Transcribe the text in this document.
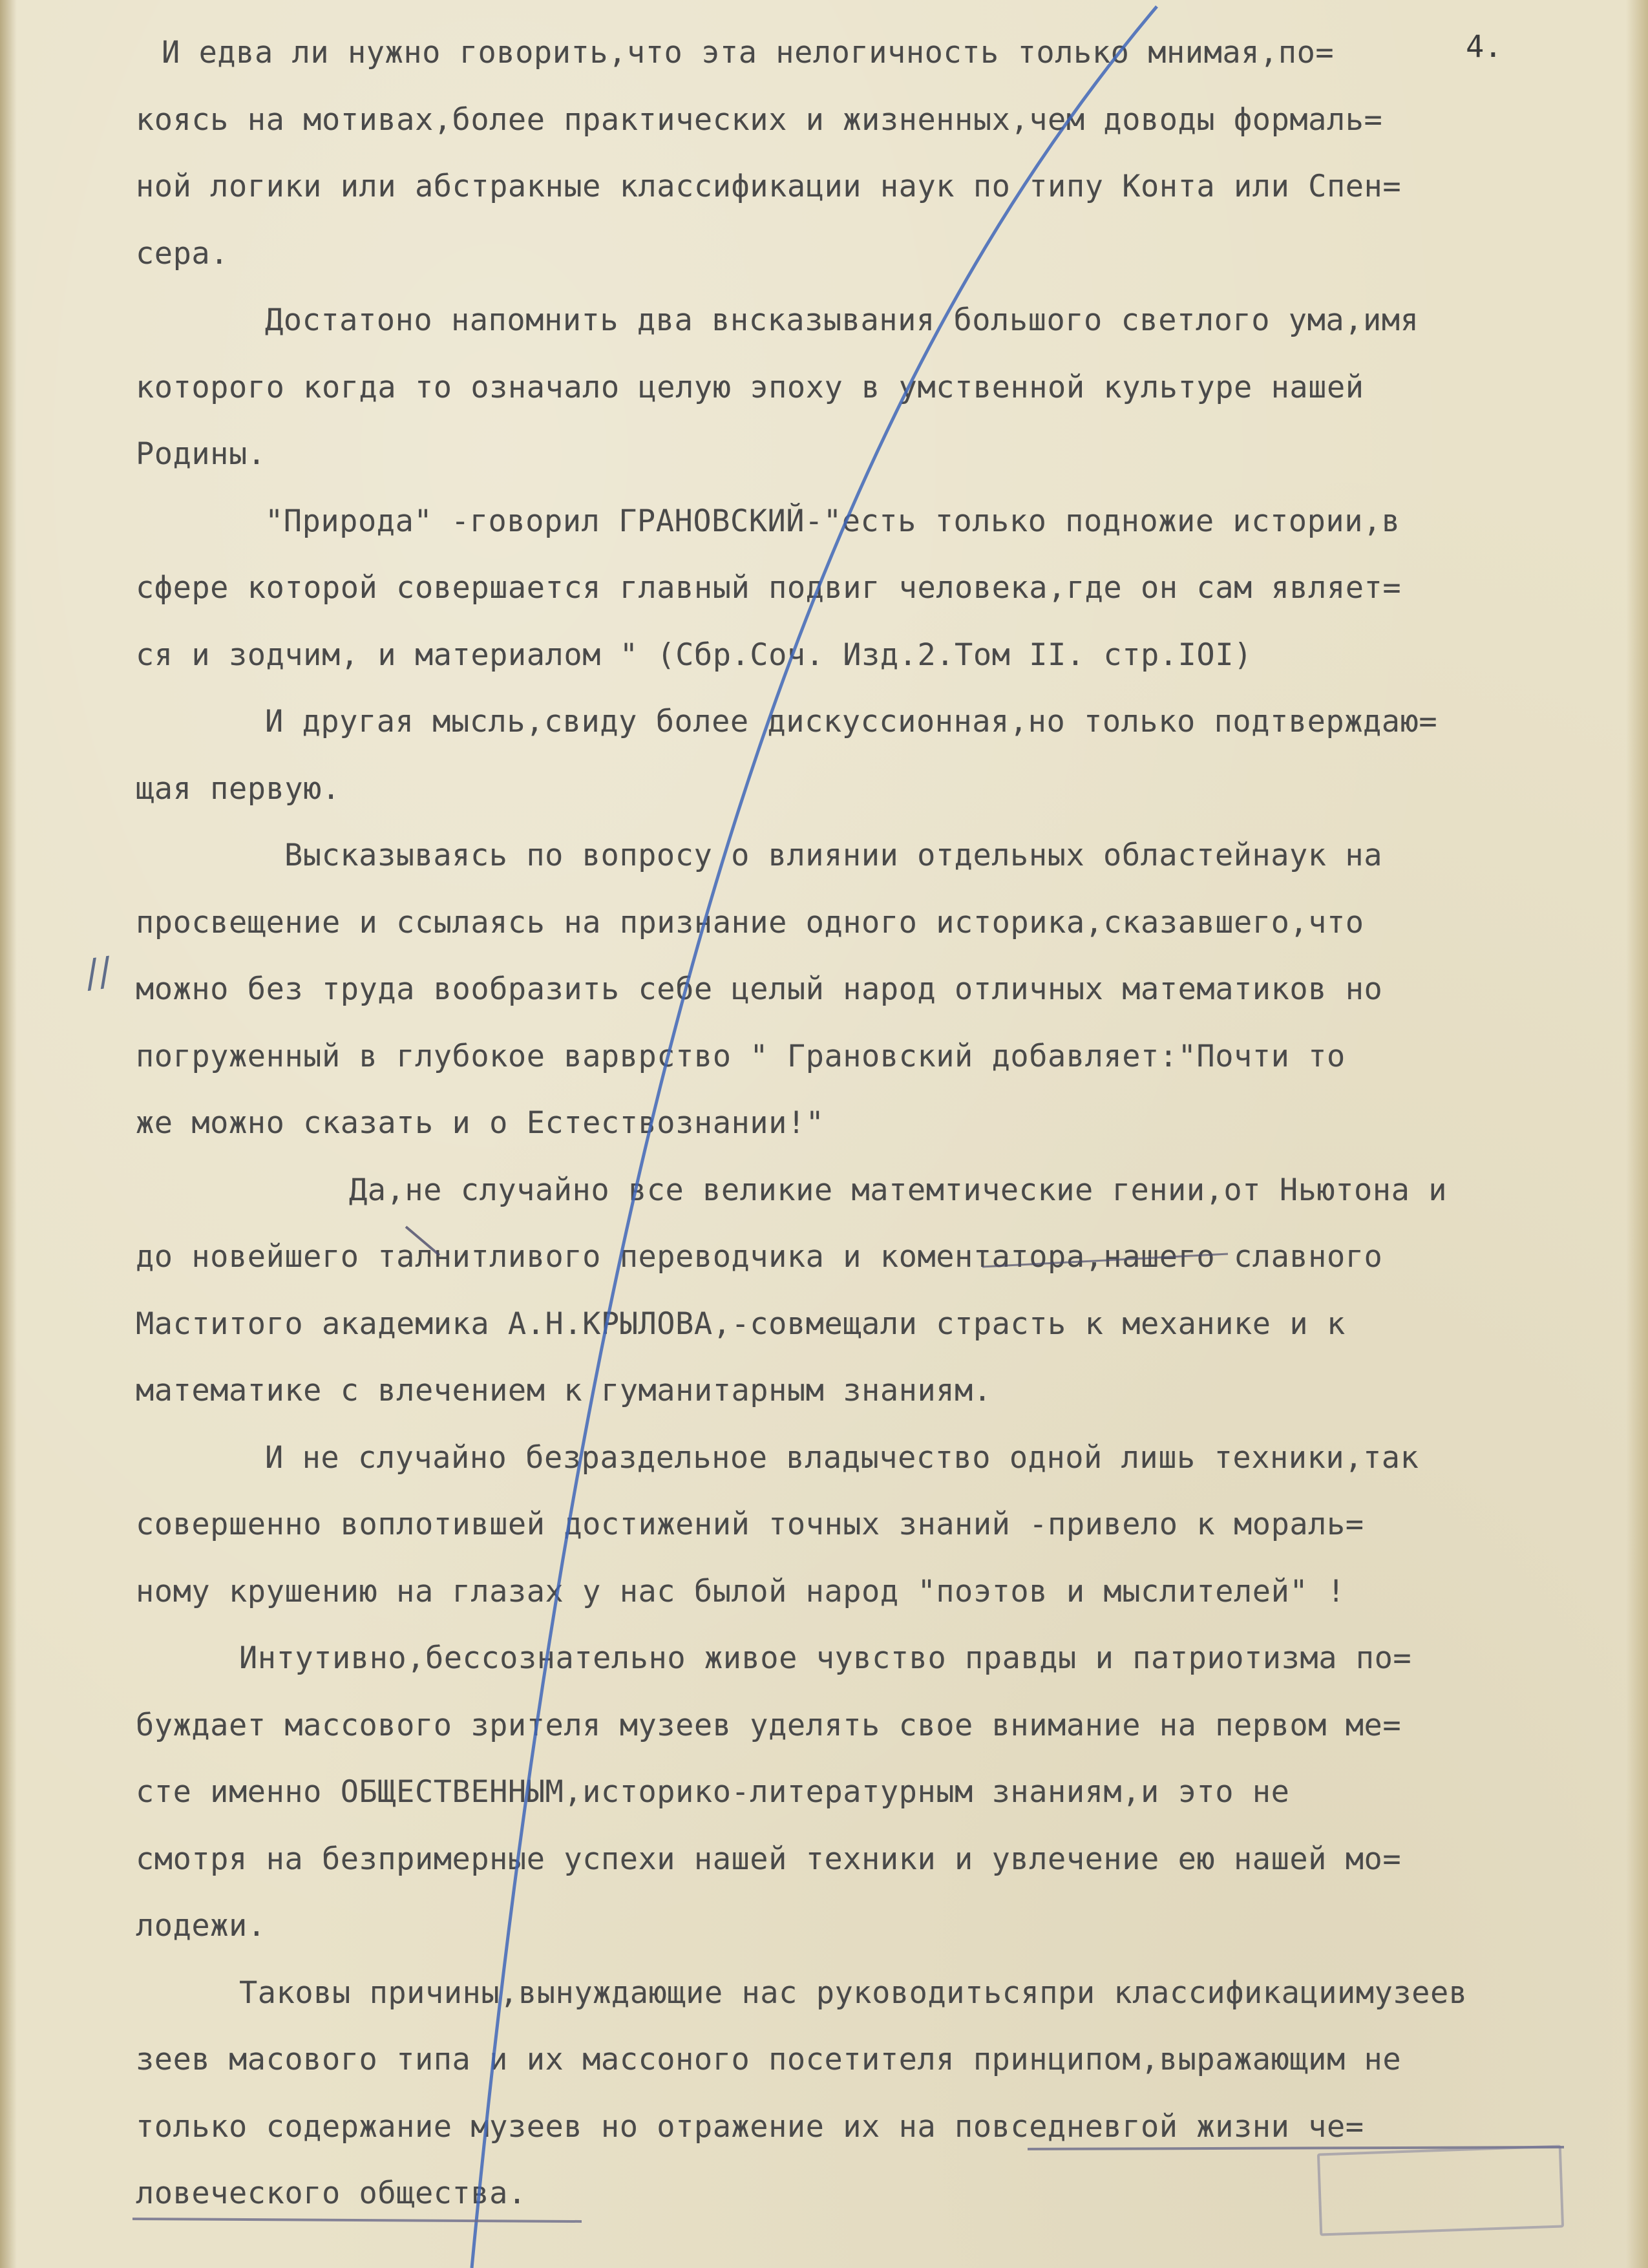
4.
//
И едва ли нужно говорить,что эта нелогичность только мнимая,по=
коясь на мотивах,более практических и жизненных,чем доводы формаль=
ной логики или абстракные классификации наук по типу Конта или Спен=
сера.
Достатоно напомнить два внсказывания большого светлого ума,имя
которого когда то означало целую эпоху в умственной культуре нашей
Родины.
"Природа" -говорил ГРАНОВСКИЙ-"есть только подножие истории,в
сфере которой совершается главный подвиг человека,где он сам являет=
ся и зодчим, и материалом " (Сбр.Соч. Изд.2.Том II. стр.IOI)
И другая мысль,свиду более дискуссионная,но только подтверждаю=
щая первую.
Высказываясь по вопросу о влиянии отдельных областейнаук на
просвещение и ссылаясь на признание одного историка,сказавшего,что
можно без труда вообразить себе целый народ отличных математиков но
погруженный в глубокое варврство " Грановский добавляет:"Почти то
же можно сказать и о Естествознании!"
Да,не случайно все великие матемтические гении,от Ньютона и
до новейшего талнитливого переводчика и коментатора,нашего славного
Маститого академика А.Н.КРЫЛОВА,-совмещали страсть к механике и к
математике с влечением к гуманитарным знаниям.
И не случайно безраздельное владычество одной лишь техники,так
совершенно воплотившей достижений точных знаний -привело к мораль=
ному крушению на глазах у нас былой народ "поэтов и мыслителей" !
Интутивно,бессознательно живое чувство правды и патриотизма по=
буждает массового зрителя музеев уделять свое внимание на первом ме=
сте именно ОБЩЕСТВЕННЫМ,историко-литературным знаниям,и это не
смотря на безпримерные успехи нашей техники и увлечение ею нашей мо=
лодежи.
Таковы причины,вынуждающие нас руководитьсяпри классификациимузеев
зеев масового типа и их массоного посетителя принципом,выражающим не
только содержание музеев но отражение их на повседневгой жизни че=
ловеческого общества.
